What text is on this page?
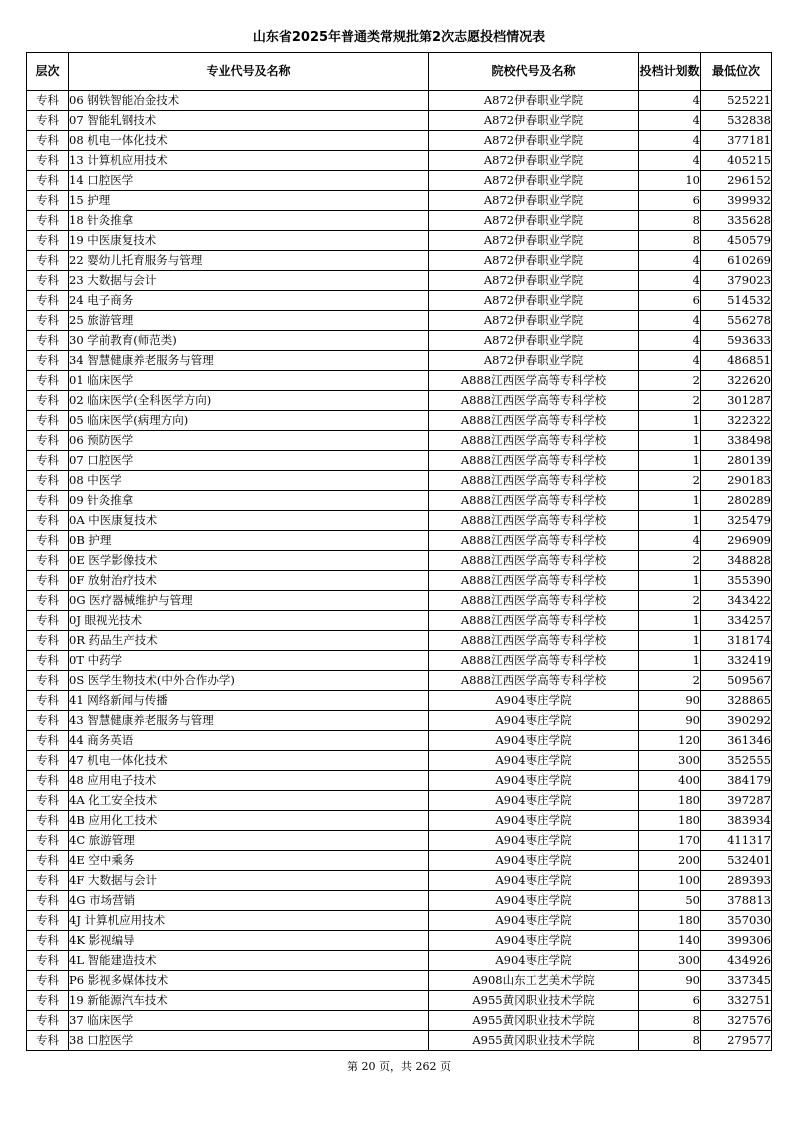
山东省2025年普通类常规批第2次志愿投档情况表
层次	专业代号及名称	院校代号及名称	投档计划数	最低位次
专科	06 钢铁智能冶金技术	A872伊春职业学院	4	525221
专科	07 智能轧钢技术	A872伊春职业学院	4	532838
专科	08 机电一体化技术	A872伊春职业学院	4	377181
专科	13 计算机应用技术	A872伊春职业学院	4	405215
专科	14 口腔医学	A872伊春职业学院	10	296152
专科	15 护理	A872伊春职业学院	6	399932
专科	18 针灸推拿	A872伊春职业学院	8	335628
专科	19 中医康复技术	A872伊春职业学院	8	450579
专科	22 婴幼儿托育服务与管理	A872伊春职业学院	4	610269
专科	23 大数据与会计	A872伊春职业学院	4	379023
专科	24 电子商务	A872伊春职业学院	6	514532
专科	25 旅游管理	A872伊春职业学院	4	556278
专科	30 学前教育(师范类)	A872伊春职业学院	4	593633
专科	34 智慧健康养老服务与管理	A872伊春职业学院	4	486851
专科	01 临床医学	A888江西医学高等专科学校	2	322620
专科	02 临床医学(全科医学方向)	A888江西医学高等专科学校	2	301287
专科	05 临床医学(病理方向)	A888江西医学高等专科学校	1	322322
专科	06 预防医学	A888江西医学高等专科学校	1	338498
专科	07 口腔医学	A888江西医学高等专科学校	1	280139
专科	08 中医学	A888江西医学高等专科学校	2	290183
专科	09 针灸推拿	A888江西医学高等专科学校	1	280289
专科	0A 中医康复技术	A888江西医学高等专科学校	1	325479
专科	0B 护理	A888江西医学高等专科学校	4	296909
专科	0E 医学影像技术	A888江西医学高等专科学校	2	348828
专科	0F 放射治疗技术	A888江西医学高等专科学校	1	355390
专科	0G 医疗器械维护与管理	A888江西医学高等专科学校	2	343422
专科	0J 眼视光技术	A888江西医学高等专科学校	1	334257
专科	0R 药品生产技术	A888江西医学高等专科学校	1	318174
专科	0T 中药学	A888江西医学高等专科学校	1	332419
专科	0S 医学生物技术(中外合作办学)	A888江西医学高等专科学校	2	509567
专科	41 网络新闻与传播	A904枣庄学院	90	328865
专科	43 智慧健康养老服务与管理	A904枣庄学院	90	390292
专科	44 商务英语	A904枣庄学院	120	361346
专科	47 机电一体化技术	A904枣庄学院	300	352555
专科	48 应用电子技术	A904枣庄学院	400	384179
专科	4A 化工安全技术	A904枣庄学院	180	397287
专科	4B 应用化工技术	A904枣庄学院	180	383934
专科	4C 旅游管理	A904枣庄学院	170	411317
专科	4E 空中乘务	A904枣庄学院	200	532401
专科	4F 大数据与会计	A904枣庄学院	100	289393
专科	4G 市场营销	A904枣庄学院	50	378813
专科	4J 计算机应用技术	A904枣庄学院	180	357030
专科	4K 影视编导	A904枣庄学院	140	399306
专科	4L 智能建造技术	A904枣庄学院	300	434926
专科	P6 影视多媒体技术	A908山东工艺美术学院	90	337345
专科	19 新能源汽车技术	A955黄冈职业技术学院	6	332751
专科	37 临床医学	A955黄冈职业技术学院	8	327576
专科	38 口腔医学	A955黄冈职业技术学院	8	279577
第 20 页，共 262 页
